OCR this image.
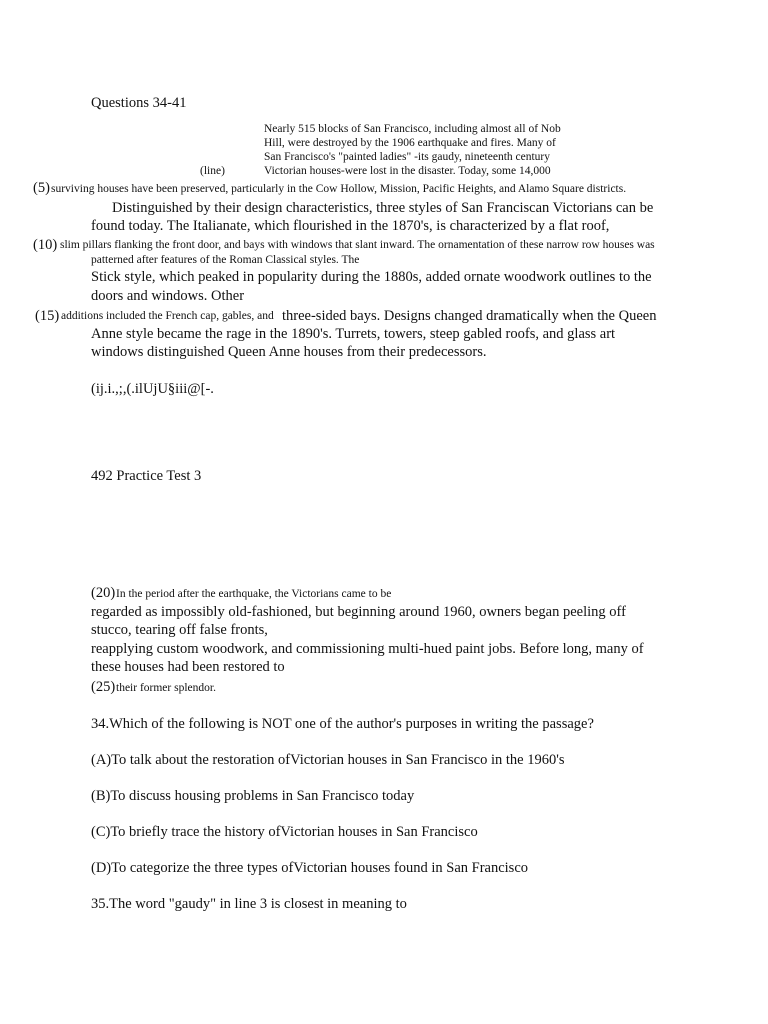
Questions 34-41
Nearly 515 blocks of San Francisco, including almost all of Nob
Hill, were destroyed by the 1906 earthquake and fires. Many of
San Francisco's "painted ladies" -its gaudy, nineteenth century
(line)	Victorian houses-were lost in the disaster. Today, some 14,000
(5) surviving houses have been preserved, particularly in the Cow Hollow, Mission, Pacific Heights, and Alamo Square districts.
Distinguished by their design characteristics, three styles of San Franciscan Victorians can be
found today. The Italianate, which flourished in the 1870's, is characterized by a flat roof,
(10) slim pillars flanking the front door, and bays with windows that slant inward. The ornamentation of these narrow row houses was
patterned after features of the Roman Classical styles. The
Stick style, which peaked in popularity during the 1880s, added ornate woodwork outlines to the
doors and windows. Other
(15) additions included the French cap, gables, and three-sided bays. Designs changed dramatically when the Queen
Anne style became the rage in the 1890's. Turrets, towers, steep gabled roofs, and glass art
windows distinguished Queen Anne houses from their predecessors.
(ij.i.,;,(.ilUjU§iii@[-.
492 Practice Test 3
(20) In the period after the earthquake, the Victorians came to be
regarded as impossibly old-fashioned, but beginning around 1960, owners began peeling off
stucco, tearing off false fronts,
reapplying custom woodwork, and commissioning multi-hued paint jobs. Before long, many of
these houses had been restored to
(25) their former splendor.
34.Which of the following is NOT one of the author's purposes in writing the passage?
(A)To talk about the restoration ofVictorian houses in San Francisco in the 1960's
(B)To discuss housing problems in San Francisco today
(C)To briefly trace the history ofVictorian houses in San Francisco
(D)To categorize the three types ofVictorian houses found in San Francisco
35.The word "gaudy" in line 3 is closest in meaning to
